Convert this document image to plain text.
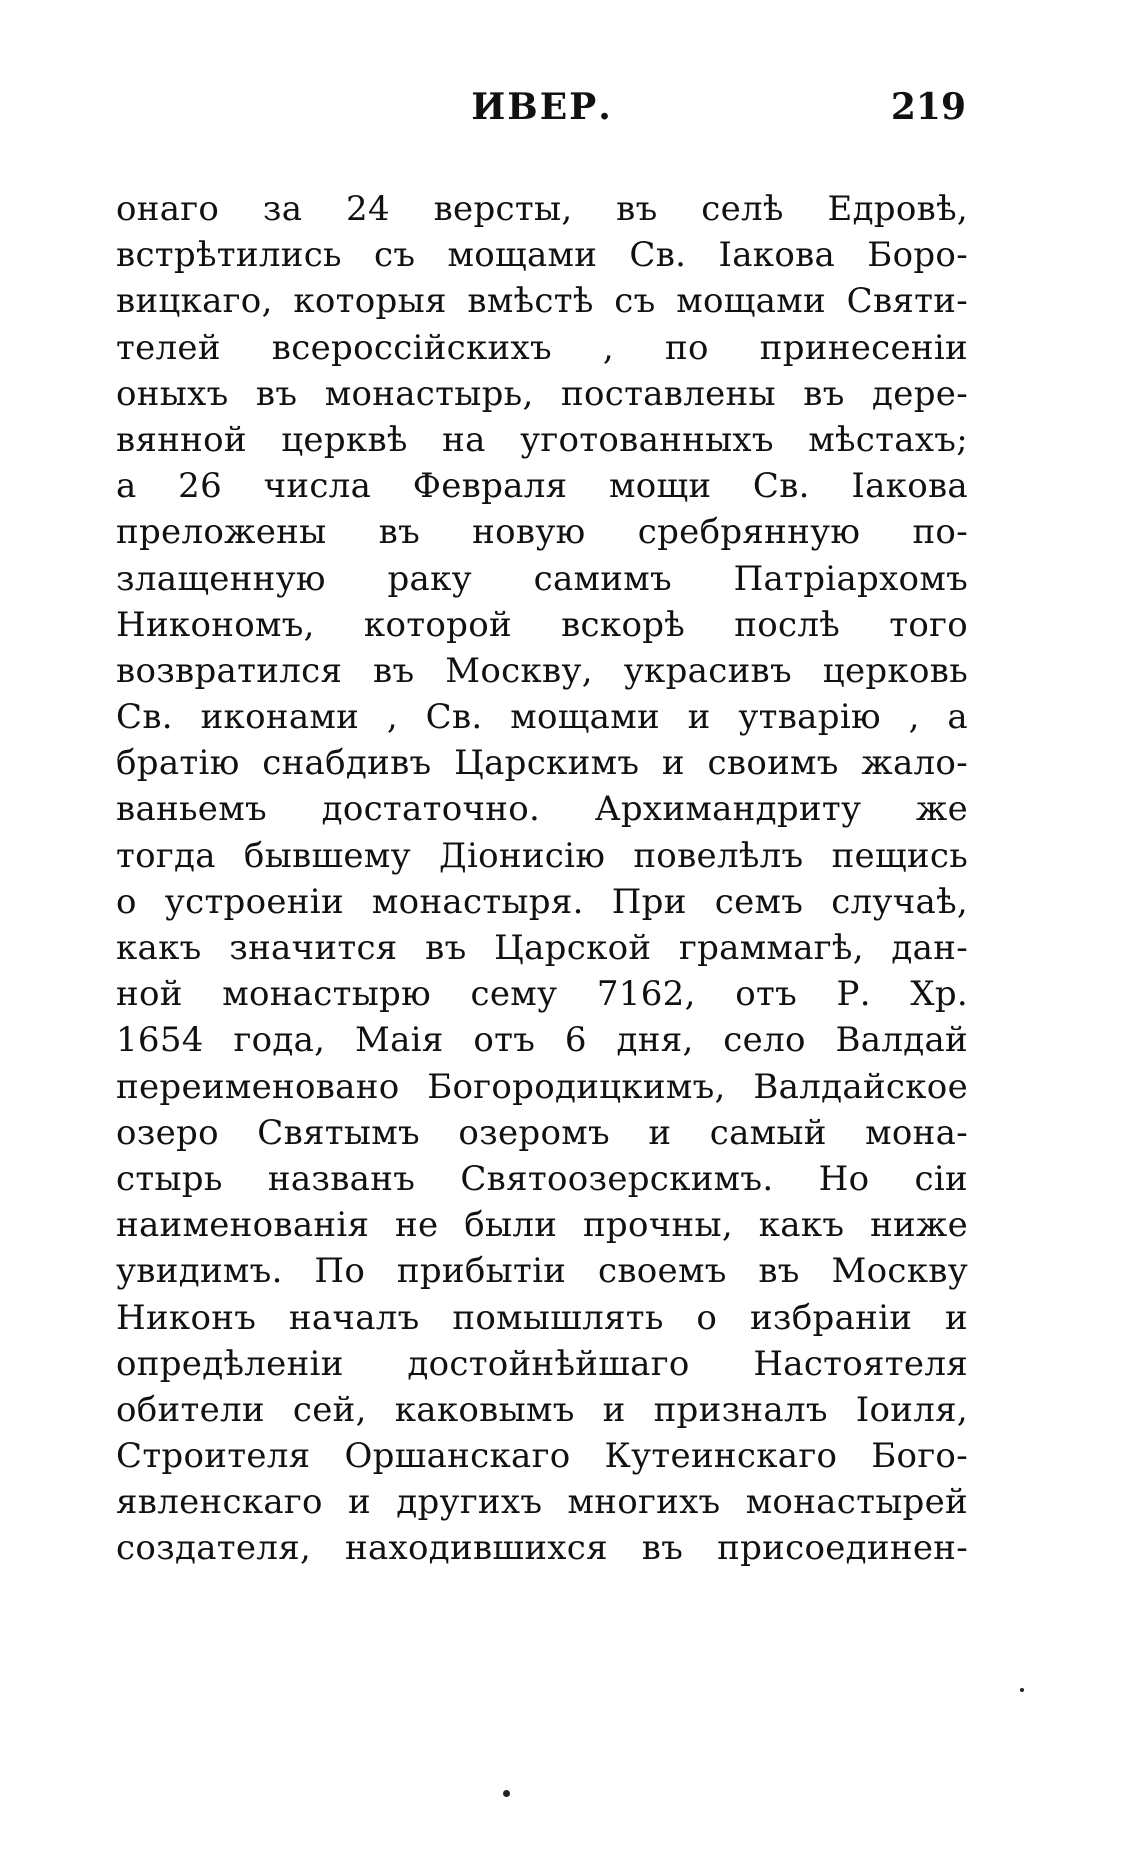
ИВЕР.	219
онаго за 24 версты, въ селѣ Едровѣ,
встрѣтились съ мощами Св. Іакова Боро-
вицкаго, которыя вмѣстѣ съ мощами Святи-
телей всероссійскихъ , по принесеніи
оныхъ въ монастырь, поставлены въ дере-
вянной церквѣ на уготованныхъ мѣстахъ;
а 26 числа Февраля мощи Св. Іакова
преложены въ новую сребрянную по-
злащенную раку самимъ Патріархомъ
Никономъ, которой вскорѣ послѣ того
возвратился въ Москву, украсивъ церковь
Св. иконами , Св. мощами и утварію , а
братію снабдивъ Царскимъ и своимъ жало-
ваньемъ достаточно. Архимандриту же
тогда бывшему Діонисію повелѣлъ пещись
о устроеніи монастыря. При семъ случаѣ,
какъ значится въ Царской граммагѣ, дан-
ной монастырю сему 7162, отъ Р. Хр.
1654 года, Маія отъ 6 дня, село Валдай
переименовано Богородицкимъ, Валдайское
озеро Святымъ озеромъ и самый мона-
стырь названъ Святоозерскимъ. Но сіи
наименованія не были прочны, какъ ниже
увидимъ. По прибытіи своемъ въ Москву
Никонъ началъ помышлять о избраніи и
опредѣленіи достойнѣйшаго Настоятеля
обители сей, каковымъ и призналъ Іоиля,
Строителя Оршанскаго Кутеинскаго Бого-
явленскаго и другихъ многихъ монастырей
создателя, находившихся въ присоединен-
